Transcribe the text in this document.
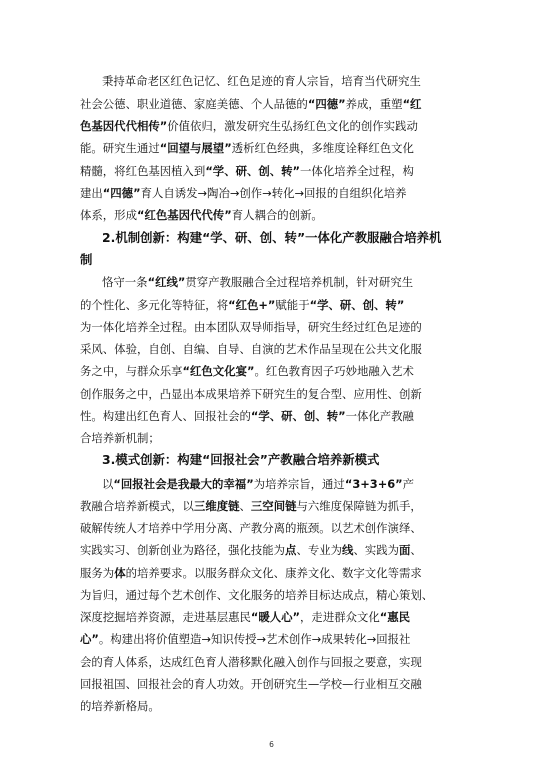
秉持革命老区红色记忆、红色足迹的育人宗旨，培育当代研究生
社会公德、职业道德、家庭美德、个人品德的“四德”养成，重塑“红
色基因代代相传”价值依归，激发研究生弘扬红色文化的创作实践动
能。研究生通过“回望与展望”透析红色经典，多维度诠释红色文化
精髓，将红色基因植入到“学、研、创、转”一体化培养全过程，构
建出“四德”育人自诱发→陶冶→创作→转化→回报的自组织化培养
体系，形成“红色基因代代传”育人耦合的创新。
2.机制创新：构建“学、研、创、转”一体化产教服融合培养机
制
恪守一条“红线”贯穿产教服融合全过程培养机制，针对研究生
的个性化、多元化等特征，将“红色+”赋能于“学、研、创、转”
为一体化培养全过程。由本团队双导师指导，研究生经过红色足迹的
采风、体验，自创、自编、自导、自演的艺术作品呈现在公共文化服
务之中，与群众乐享“红色文化宴”。红色教育因子巧妙地融入艺术
创作服务之中，凸显出本成果培养下研究生的复合型、应用性、创新
性。构建出红色育人、回报社会的“学、研、创、转”一体化产教融
合培养新机制；
3.模式创新：构建“回报社会”产教融合培养新模式
以“回报社会是我最大的幸福”为培养宗旨，通过“3+3+6”产
教融合培养新模式，以三维度链、三空间链与六维度保障链为抓手，
破解传统人才培养中学用分离、产教分离的瓶颈。以艺术创作演绎、
实践实习、创新创业为路径，强化技能为点、专业为线、实践为面、
服务为体的培养要求。以服务群众文化、康养文化、数字文化等需求
为旨归，通过每个艺术创作、文化服务的培养目标达成点，精心策划、
深度挖掘培养资源，走进基层惠民“暖人心”，走进群众文化“惠民
心”。构建出将价值塑造→知识传授→艺术创作→成果转化→回报社
会的育人体系，达成红色育人潜移默化融入创作与回报之要意，实现
回报祖国、回报社会的育人功效。开创研究生—学校—行业相互交融
的培养新格局。
6
